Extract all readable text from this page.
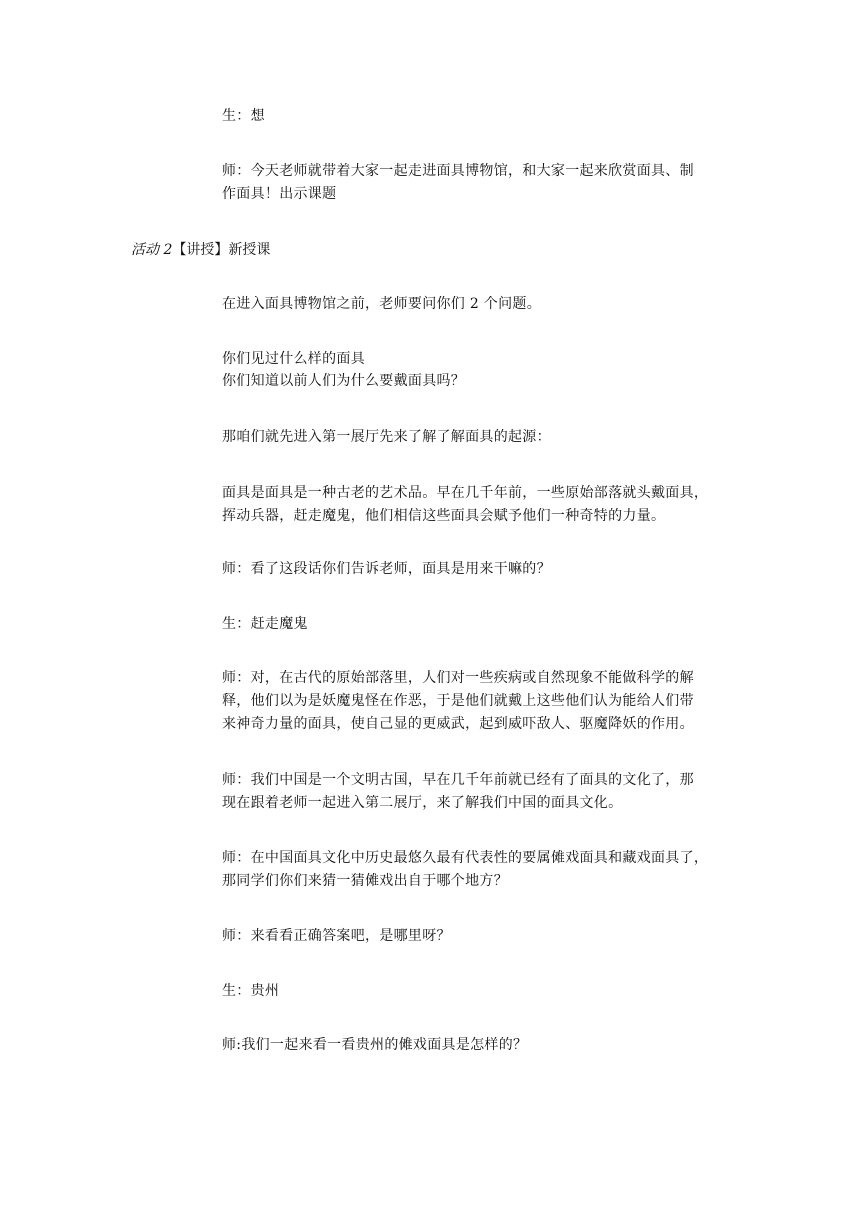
生：想
师：今天老师就带着大家一起走进面具博物馆，和大家一起来欣赏面具、制
作面具！出示课题
活动 2【讲授】新授课
在进入面具博物馆之前，老师要问你们 2 个问题。
你们见过什么样的面具
你们知道以前人们为什么要戴面具吗？
那咱们就先进入第一展厅先来了解了解面具的起源：
面具是面具是一种古老的艺术品。早在几千年前，一些原始部落就头戴面具，
挥动兵器，赶走魔鬼，他们相信这些面具会赋予他们一种奇特的力量。
师：看了这段话你们告诉老师，面具是用来干嘛的？
生：赶走魔鬼
师：对，在古代的原始部落里，人们对一些疾病或自然现象不能做科学的解
释，他们以为是妖魔鬼怪在作恶，于是他们就戴上这些他们认为能给人们带
来神奇力量的面具，使自己显的更威武，起到威吓敌人、驱魔降妖的作用。
师：我们中国是一个文明古国，早在几千年前就已经有了面具的文化了，那
现在跟着老师一起进入第二展厅，来了解我们中国的面具文化。
师：在中国面具文化中历史最悠久最有代表性的要属傩戏面具和藏戏面具了，
那同学们你们来猜一猜傩戏出自于哪个地方？
师：来看看正确答案吧，是哪里呀？
生：贵州
师:我们一起来看一看贵州的傩戏面具是怎样的？
